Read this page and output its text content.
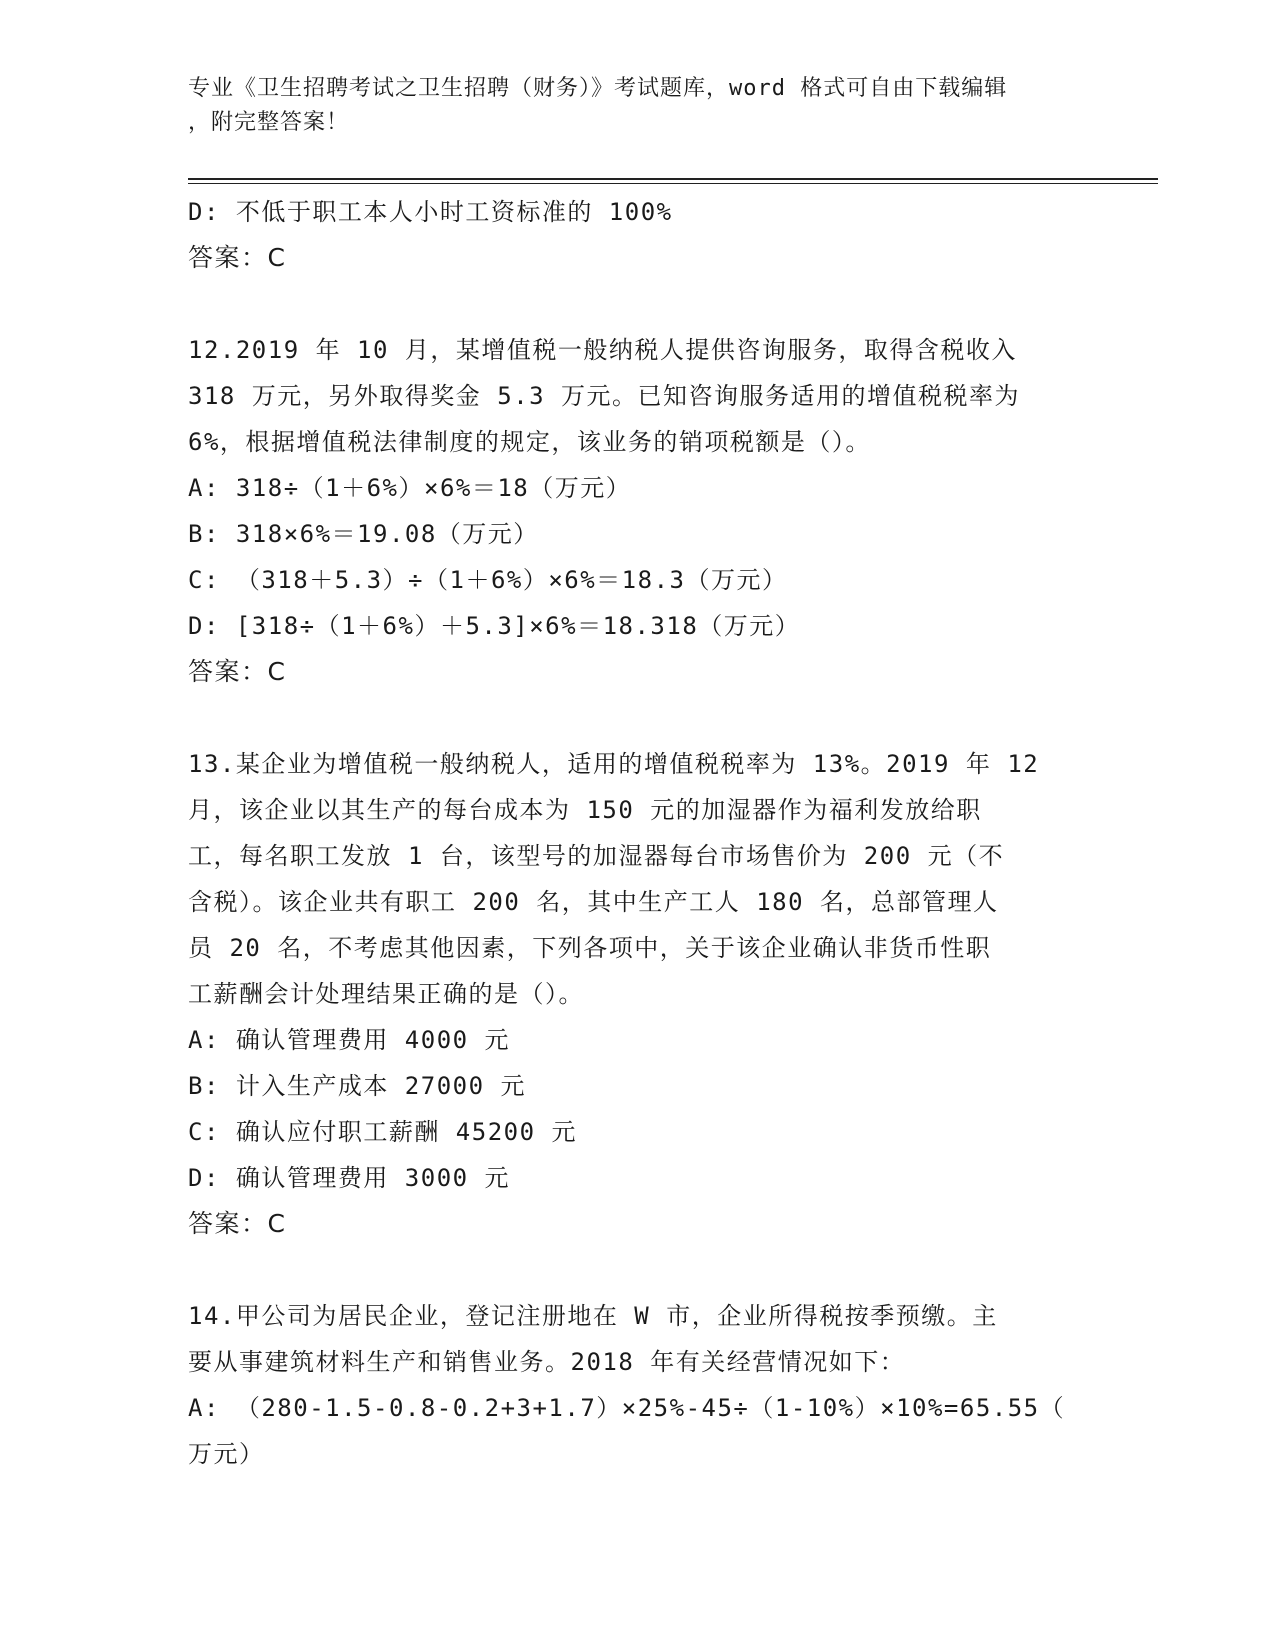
专业《卫生招聘考试之卫生招聘（财务）》考试题库，word 格式可自由下载编辑
，附完整答案！
D: 不低于职工本人小时工资标准的 100%
答案：C
12.2019 年 10 月，某增值税一般纳税人提供咨询服务，取得含税收入
318 万元，另外取得奖金 5.3 万元。已知咨询服务适用的增值税税率为
6%，根据增值税法律制度的规定，该业务的销项税额是（）。
A: 318÷（1＋6%）×6%＝18（万元）
B: 318×6%＝19.08（万元）
C: （318＋5.3）÷（1＋6%）×6%＝18.3（万元）
D: [318÷（1＋6%）＋5.3]×6%＝18.318（万元）
答案：C
13.某企业为增值税一般纳税人，适用的增值税税率为 13%。2019 年 12
月，该企业以其生产的每台成本为 150 元的加湿器作为福利发放给职
工，每名职工发放 1 台，该型号的加湿器每台市场售价为 200 元（不
含税）。该企业共有职工 200 名，其中生产工人 180 名，总部管理人
员 20 名，不考虑其他因素，下列各项中，关于该企业确认非货币性职
工薪酬会计处理结果正确的是（）。
A: 确认管理费用 4000 元
B: 计入生产成本 27000 元
C: 确认应付职工薪酬 45200 元
D: 确认管理费用 3000 元
答案：C
14.甲公司为居民企业，登记注册地在 W 市，企业所得税按季预缴。主
要从事建筑材料生产和销售业务。2018 年有关经营情况如下：
A: （280-1.5-0.8-0.2+3+1.7）×25%-45÷（1-10%）×10%=65.55（
万元）
